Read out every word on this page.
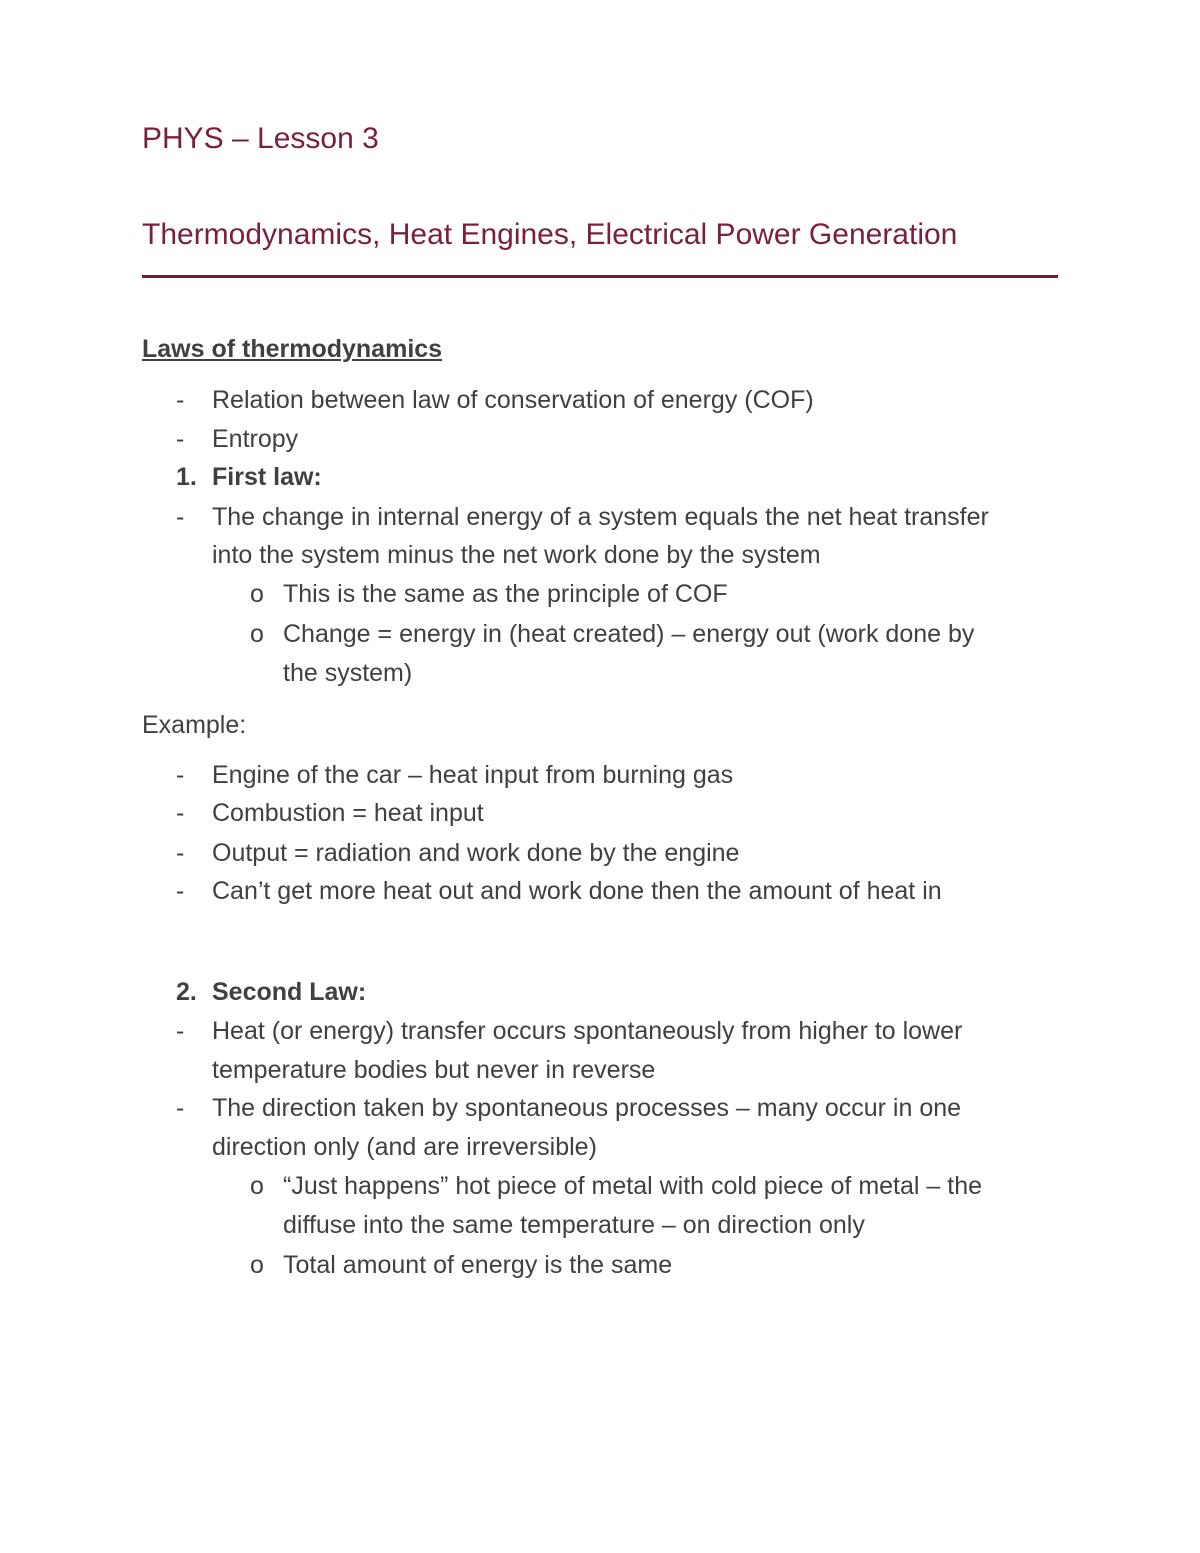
PHYS – Lesson 3
Thermodynamics, Heat Engines, Electrical Power Generation
Laws of thermodynamics
- Relation between law of conservation of energy (COF)
- Entropy
1. First law:
- The change in internal energy of a system equals the net heat transfer
into the system minus the net work done by the system
o This is the same as the principle of COF
o Change = energy in (heat created) – energy out (work done by
the system)
Example:
- Engine of the car – heat input from burning gas
- Combustion = heat input
- Output = radiation and work done by the engine
- Can’t get more heat out and work done then the amount of heat in
2. Second Law:
- Heat (or energy) transfer occurs spontaneously from higher to lower
temperature bodies but never in reverse
- The direction taken by spontaneous processes – many occur in one
direction only (and are irreversible)
o “Just happens” hot piece of metal with cold piece of metal – the
diffuse into the same temperature – on direction only
o Total amount of energy is the same
